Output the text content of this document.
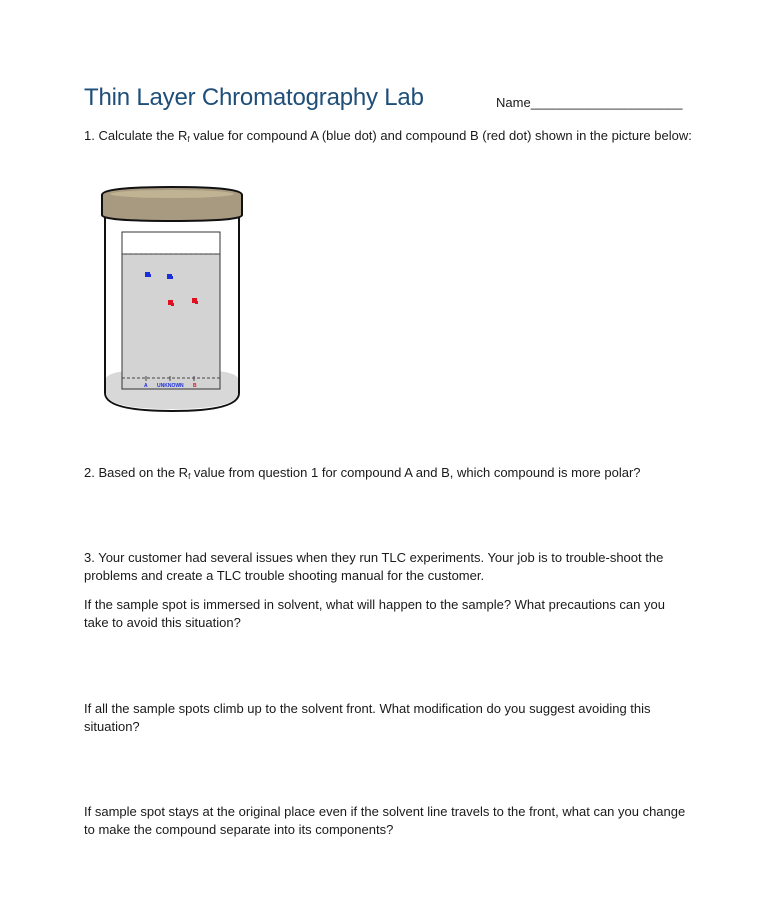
Thin Layer Chromatography Lab	Name_____________________
1. Calculate the $R_f$ value for compound A (blue dot) and compound B (red dot) shown in the picture below:
A UNKNOWN B
2. Based on the $R_f$ value from question 1 for compound A and B, which compound is more polar?
3. Your customer had several issues when they run TLC experiments. Your job is to trouble-shoot the problems and create a TLC trouble shooting manual for the customer.
If the sample spot is immersed in solvent, what will happen to the sample? What precautions can you take to avoid this situation?
If all the sample spots climb up to the solvent front. What modification do you suggest avoiding this situation?
If sample spot stays at the original place even if the solvent line travels to the front, what can you change to make the compound separate into its components?
